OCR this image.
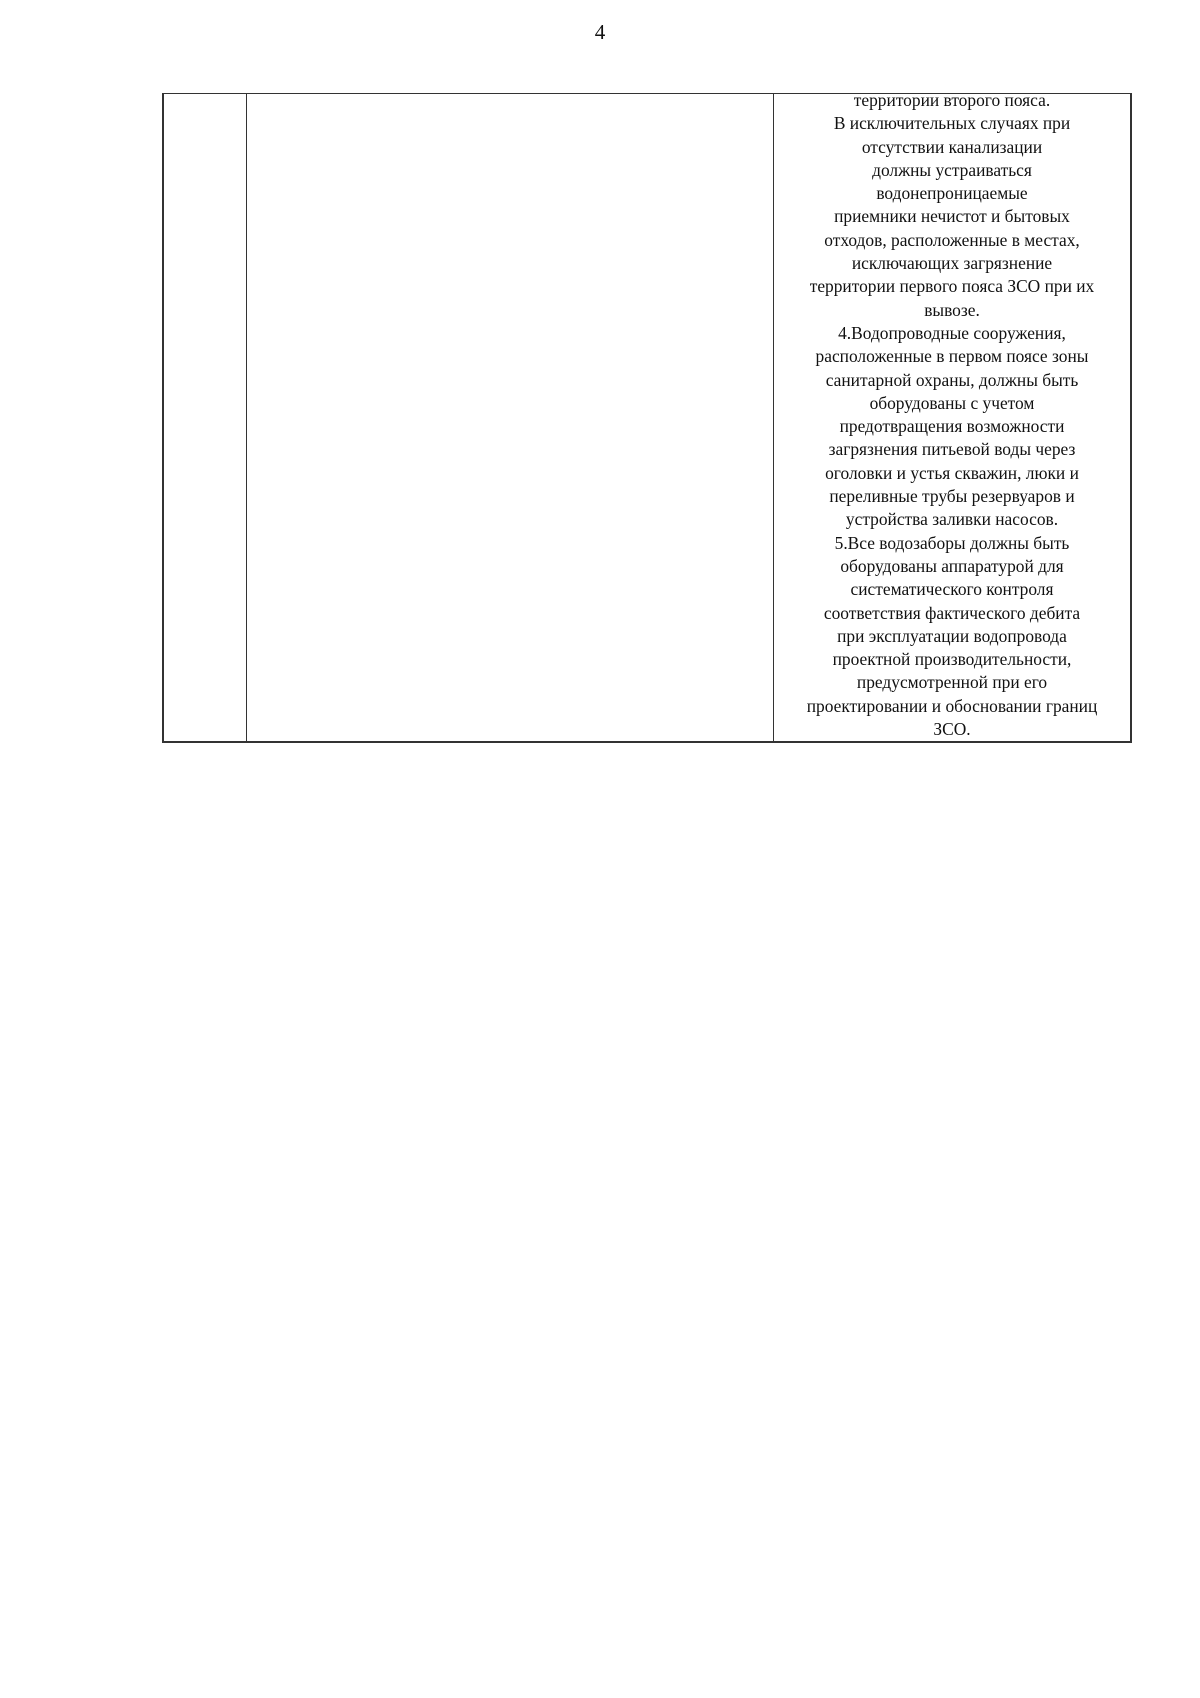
4

территории второго пояса.
В исключительных случаях при
отсутствии канализации
должны устраиваться
водонепроницаемые
приемники нечистот и бытовых
отходов, расположенные в местах,
исключающих загрязнение
территории первого пояса ЗСО при их
вывозе.
4.Водопроводные сооружения,
расположенные в первом поясе зоны
санитарной охраны, должны быть
оборудованы с учетом
предотвращения возможности
загрязнения питьевой воды через
оголовки и устья скважин, люки и
переливные трубы резервуаров и
устройства заливки насосов.
5.Все водозаборы должны быть
оборудованы аппаратурой для
систематического контроля
соответствия фактического дебита
при эксплуатации водопровода
проектной производительности,
предусмотренной при его
проектировании и обосновании границ
ЗСО.
